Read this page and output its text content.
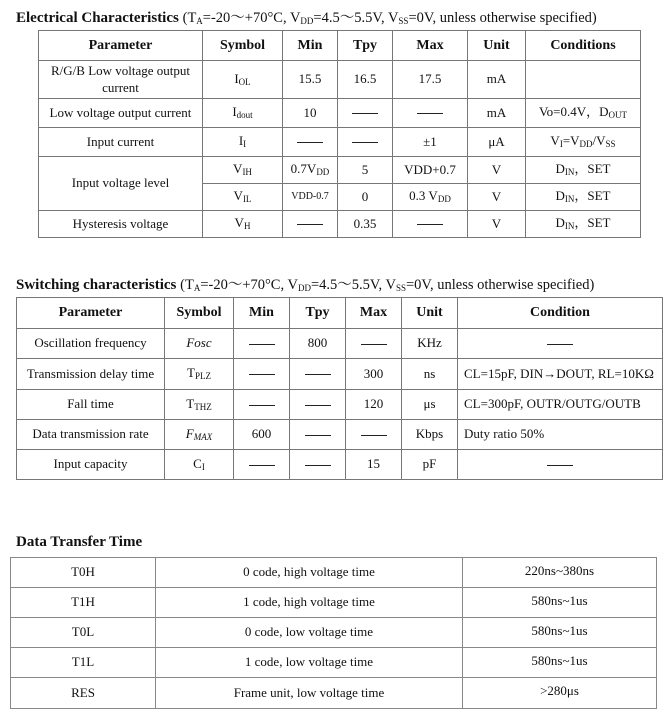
Electrical Characteristics ($T_A=-20\sim+70^\circ C$, $V_{DD}=4.5\sim 5.5V$, $V_{SS}=0V$, unless otherwise specified)
Parameter	Symbol	Min	Tpy	Max	Unit	Conditions
R/G/B Low voltage output current	$I_{OL}$	15.5	16.5	17.5	mA	
Low voltage output current	$I_{dout}$	10			mA	Vo=0.4V，$D_{OUT}$
Input current	$I_I$			±1	μA	$V_I=V_{DD}/V_{SS}$
Input voltage level	$V_{IH}$	$0.7V_{DD}$	5	VDD+0.7	V	$D_{IN}$，SET
	$V_{IL}$	VDD-0.7	0	0.3 $V_{DD}$	V	$D_{IN}$，SET
Hysteresis voltage	$V_H$		0.35		V	$D_{IN}$，SET
Switching characteristics ($T_A=-20\sim+70^\circ C$, $V_{DD}=4.5\sim 5.5V$, $V_{SS}=0V$, unless otherwise specified)
Parameter	Symbol	Min	Tpy	Max	Unit	Condition
Oscillation frequency	Fosc		800		KHz	
Transmission delay time	$T_{PLZ}$			300	ns	CL=15pF, DIN→DOUT, RL=10KΩ
Fall time	$T_{THZ}$			120	μs	CL=300pF, OUTR/OUTG/OUTB
Data transmission rate	$F_{MAX}$	600			Kbps	Duty ratio 50%
Input capacity	$C_I$			15	pF	
Data Transfer Time
T0H	0 code, high voltage time	220ns~380ns
T1H	1 code, high voltage time	580ns~1us
T0L	0 code, low voltage time	580ns~1us
T1L	1 code, low voltage time	580ns~1us
RES	Frame unit, low voltage time	>280μs
